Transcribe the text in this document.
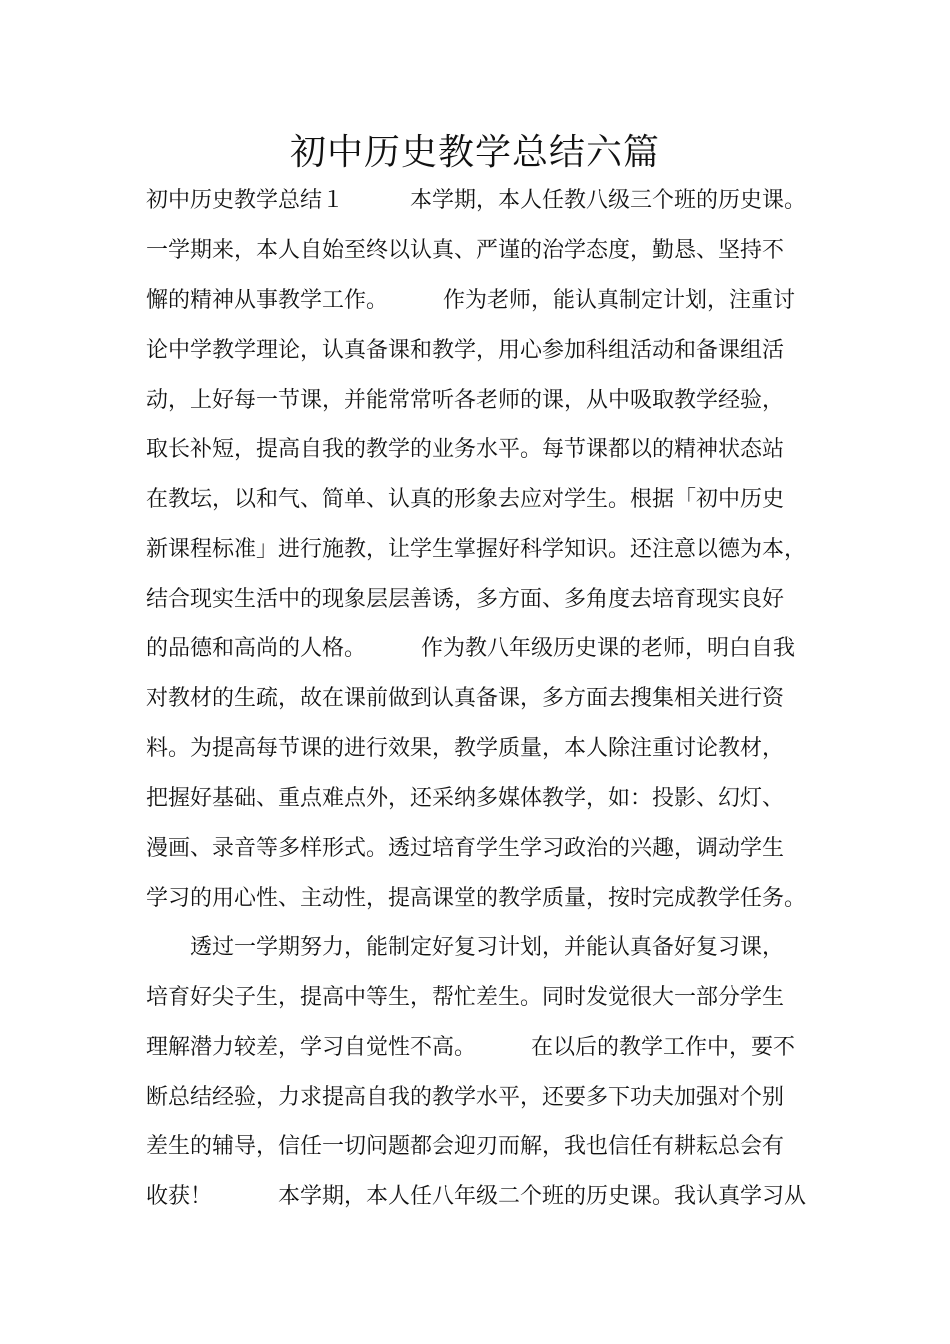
初中历史教学总结六篇

初中历史教学总结１　　　本学期，本人任教八级三个班的历史课。

一学期来，本人自始至终以认真、严谨的治学态度，勤恳、坚持不

懈的精神从事教学工作。　　　作为老师，能认真制定计划，注重讨

论中学教学理论，认真备课和教学，用心参加科组活动和备课组活

动，上好每一节课，并能常常听各老师的课，从中吸取教学经验，

取长补短，提高自我的教学的业务水平。每节课都以的精神状态站

在教坛，以和气、简单、认真的形象去应对学生。根据「初中历史

新课程标准」进行施教，让学生掌握好科学知识。还注意以德为本，

结合现实生活中的现象层层善诱，多方面、多角度去培育现实良好

的品德和高尚的人格。　　　作为教八年级历史课的老师，明白自我

对教材的生疏，故在课前做到认真备课，多方面去搜集相关进行资

料。为提高每节课的进行效果，教学质量，本人除注重讨论教材，

把握好基础、重点难点外，还采纳多媒体教学，如：投影、幻灯、

漫画、录音等多样形式。透过培育学生学习政治的兴趣，调动学生

学习的用心性、主动性，提高课堂的教学质量，按时完成教学任务。

　　透过一学期努力，能制定好复习计划，并能认真备好复习课，

培育好尖子生，提高中等生，帮忙差生。同时发觉很大一部分学生

理解潜力较差，学习自觉性不高。　　　在以后的教学工作中，要不

断总结经验，力求提高自我的教学水平，还要多下功夫加强对个别

差生的辅导，信任一切问题都会迎刃而解，我也信任有耕耘总会有

收获！　　　本学期，本人任八年级二个班的历史课。我认真学习从
